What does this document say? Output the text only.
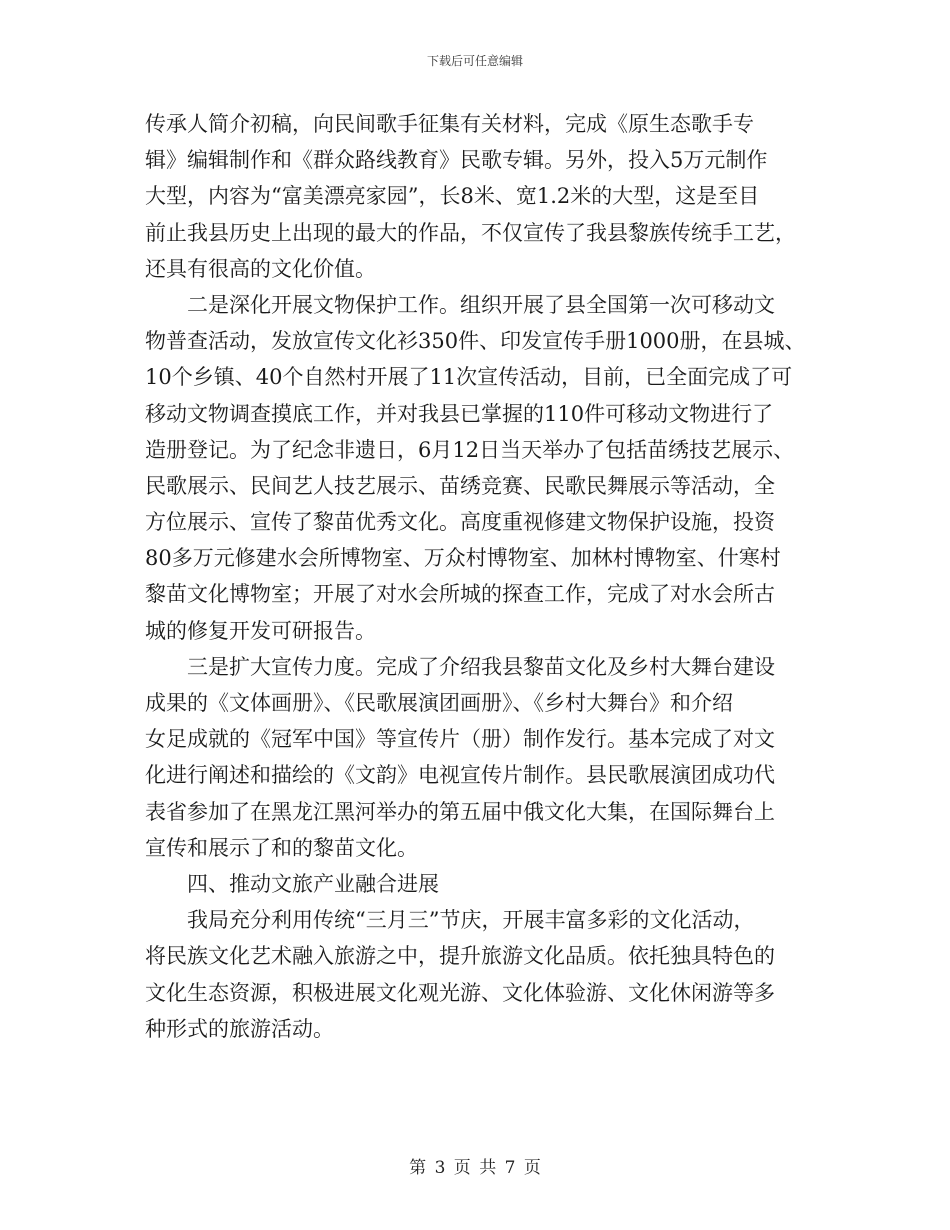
下载后可任意编辑
传承人简介初稿，向民间歌手征集有关材料，完成《原生态歌手专
辑》编辑制作和《群众路线教育》民歌专辑。另外，投入5万元制作
大型，内容为“富美漂亮家园”，长8米、宽1.2米的大型，这是至目
前止我县历史上出现的最大的作品，不仅宣传了我县黎族传统手工艺，
还具有很高的文化价值。
二是深化开展文物保护工作。组织开展了县全国第一次可移动文
物普查活动，发放宣传文化衫350件、印发宣传手册1000册，在县城、
10个乡镇、40个自然村开展了11次宣传活动，目前，已全面完成了可
移动文物调查摸底工作，并对我县已掌握的110件可移动文物进行了
造册登记。为了纪念非遗日，6月12日当天举办了包括苗绣技艺展示、
民歌展示、民间艺人技艺展示、苗绣竞赛、民歌民舞展示等活动，全
方位展示、宣传了黎苗优秀文化。高度重视修建文物保护设施，投资
80多万元修建水会所博物室、万众村博物室、加林村博物室、什寒村
黎苗文化博物室；开展了对水会所城的探查工作，完成了对水会所古
城的修复开发可研报告。
三是扩大宣传力度。完成了介绍我县黎苗文化及乡村大舞台建设
成果的《文体画册》、《民歌展演团画册》、《乡村大舞台》和介绍
女足成就的《冠军中国》等宣传片（册）制作发行。基本完成了对文
化进行阐述和描绘的《文韵》电视宣传片制作。县民歌展演团成功代
表省参加了在黑龙江黑河举办的第五届中俄文化大集，在国际舞台上
宣传和展示了和的黎苗文化。
四、推动文旅产业融合进展
我局充分利用传统“三月三”节庆，开展丰富多彩的文化活动，
将民族文化艺术融入旅游之中，提升旅游文化品质。依托独具特色的
文化生态资源，积极进展文化观光游、文化体验游、文化休闲游等多
种形式的旅游活动。
第 3 页 共 7 页
